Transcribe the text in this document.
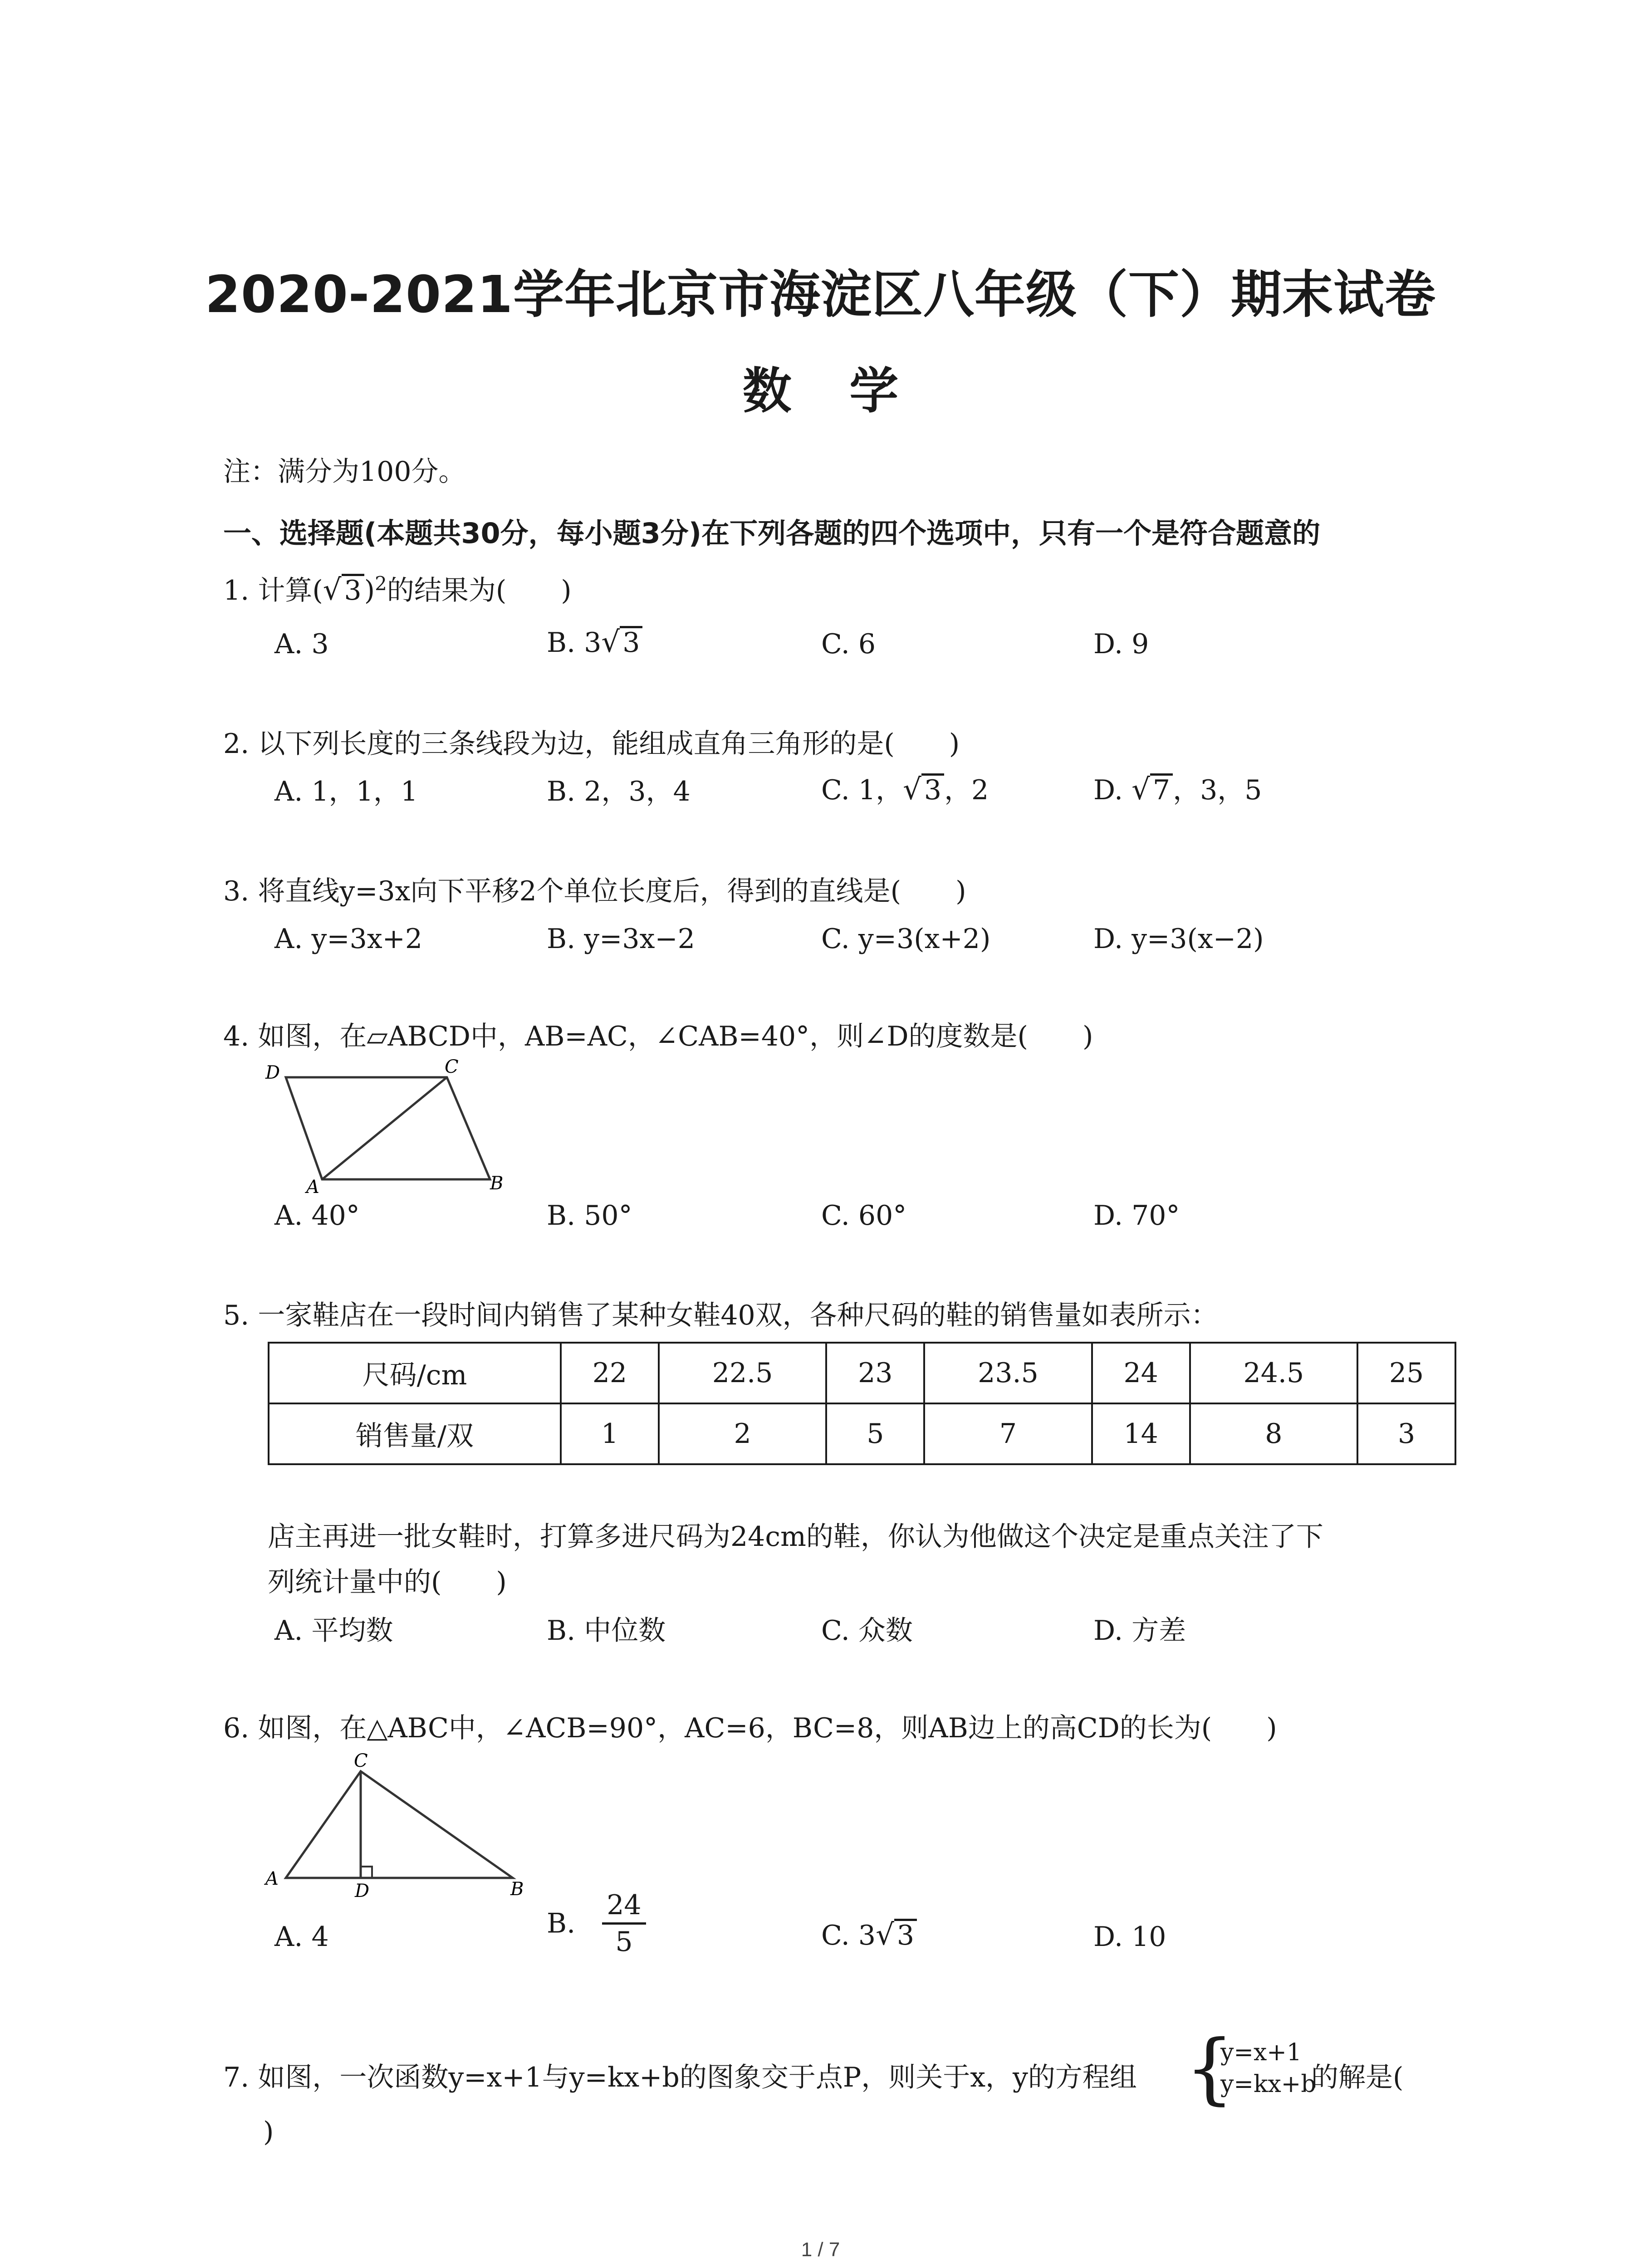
2020-2021学年北京市海淀区八年级（下）期末试卷
数 学
注：满分为100分。
一、选择题(本题共30分，每小题3分)在下列各题的四个选项中，只有一个是符合题意的
1. 计算(√ 3 )$^2$的结果为(　　)
A. 3	B. 3√ 3	C. 6	D. 9
2. 以下列长度的三条线段为边，能组成直角三角形的是(　　)
A. 1，1，1	B. 2，3，4	C. 1，√ 3 ，2	D. √ 7 ，3，5
3. 将直线y=3x向下平移2个单位长度后，得到的直线是(　　)
A. y=3x+2	B. y=3x−2	C. y=3(x+2)	D. y=3(x−2)
4. 如图，在▱ABCD中，AB=AC，∠CAB=40°，则∠D的度数是(　　)
D	C
A	B
A. 40°	B. 50°	C. 60°	D. 70°
5. 一家鞋店在一段时间内销售了某种女鞋40双，各种尺码的鞋的销售量如表所示：
尺码/cm	22	22.5	23	23.5	24	24.5	25
销售量/双	1	2	5	7	14	8	3
店主再进一批女鞋时，打算多进尺码为24cm的鞋，你认为他做这个决定是重点关注了下
列统计量中的(　　)
A. 平均数	B. 中位数	C. 众数	D. 方差
6. 如图，在△ABC中，∠ACB=90°，AC=6，BC=8，则AB边上的高CD的长为(　　)
C
A
D	B
A. 4	B. $\frac{24}{5}$	C. 3√ 3	D. 10
7. 如图，一次函数y=x+1与y=kx+b的图象交于点P，则关于x，y的方程组 {
y=x+1
y=kx+b
的解是(
)
1 / 7
